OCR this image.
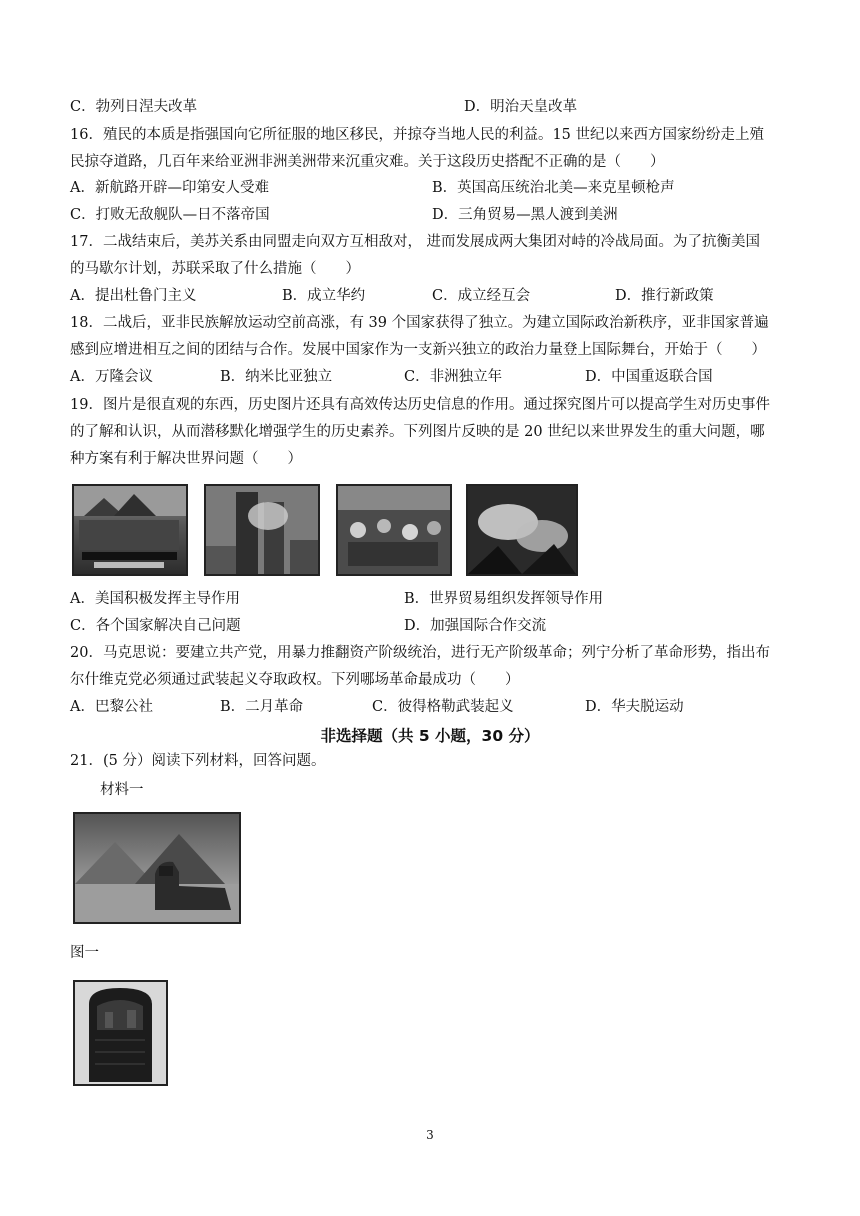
C．勃列日涅夫改革	D．明治天皇改革
16．殖民的本质是指强国向它所征服的地区移民，并掠夺当地人民的利益。15 世纪以来西方国家纷纷走上殖
民掠夺道路，几百年来给亚洲非洲美洲带来沉重灾难。关于这段历史搭配不正确的是（　　）
A．新航路开辟—印第安人受难	B．英国高压统治北美—来克星顿枪声
C．打败无敌舰队—日不落帝国	D．三角贸易—黑人渡到美洲
17．二战结束后，美苏关系由同盟走向双方互相敌对， 进而发展成两大集团对峙的冷战局面。为了抗衡美国
的马歇尔计划，苏联采取了什么措施（　　）
A．提出杜鲁门主义	B．成立华约	C．成立经互会	D．推行新政策
18．二战后，亚非民族解放运动空前高涨，有 39 个国家获得了独立。为建立国际政治新秩序，亚非国家普遍
感到应增进相互之间的团结与合作。发展中国家作为一支新兴独立的政治力量登上国际舞台，开始于（　　）
A．万隆会议	B．纳米比亚独立	C．非洲独立年	D．中国重返联合国
19．图片是很直观的东西，历史图片还具有高效传达历史信息的作用。通过探究图片可以提高学生对历史事件
的了解和认识，从而潜移默化增强学生的历史素养。下列图片反映的是 20 世纪以来世界发生的重大问题，哪
种方案有利于解决世界问题（　　）
A．美国积极发挥主导作用	B．世界贸易组织发挥领导作用
C．各个国家解决自己问题	D．加强国际合作交流
20．马克思说：要建立共产党，用暴力推翻资产阶级统治，进行无产阶级革命；列宁分析了革命形势，指出布
尔什维克党必须通过武装起义夺取政权。下列哪场革命最成功（　　）
A．巴黎公社	B．二月革命	C．彼得格勒武装起义	D．华夫脱运动
非选择题（共 5 小题，30 分）
21．(5 分）阅读下列材料，回答问题。
材料一
图一
3
